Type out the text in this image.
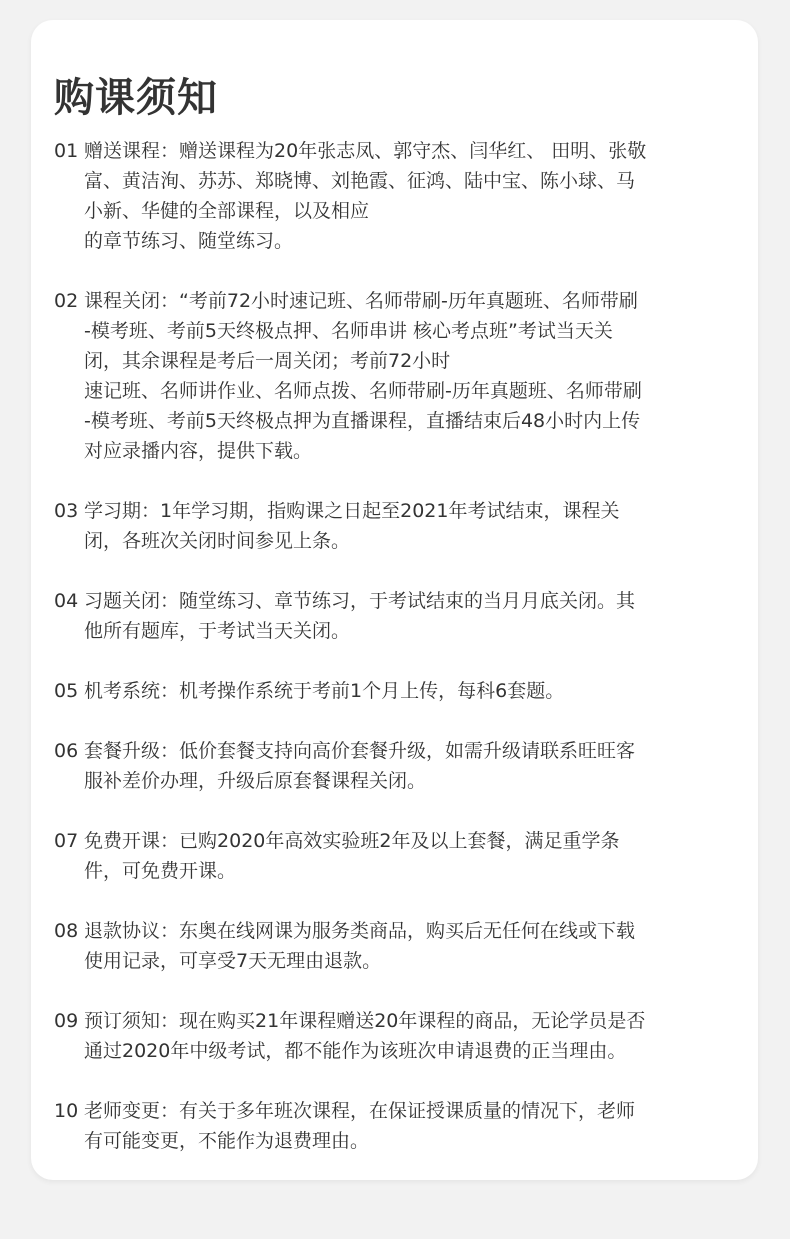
购课须知
01 赠送课程：赠送课程为20年张志凤、郭守杰、闫华红、 田明、张敬
富、黄洁洵、苏苏、郑晓博、刘艳霞、征鸿、陆中宝、陈小球、马
小新、华健的全部课程，以及相应
的章节练习、随堂练习。
02 课程关闭：“考前72小时速记班、名师带刷-历年真题班、名师带刷
-模考班、考前5天终极点押、名师串讲 核心考点班”考试当天关
闭，其余课程是考后一周关闭；考前72小时
速记班、名师讲作业、名师点拨、名师带刷-历年真题班、名师带刷
-模考班、考前5天终极点押为直播课程，直播结束后48小时内上传
对应录播内容，提供下载。
03 学习期：1年学习期，指购课之日起至2021年考试结束，课程关
闭，各班次关闭时间参见上条。
04 习题关闭：随堂练习、章节练习，于考试结束的当月月底关闭。其
他所有题库，于考试当天关闭。
05 机考系统：机考操作系统于考前1个月上传，每科6套题。
06 套餐升级：低价套餐支持向高价套餐升级，如需升级请联系旺旺客
服补差价办理，升级后原套餐课程关闭。
07 免费开课：已购2020年高效实验班2年及以上套餐，满足重学条
件，可免费开课。
08 退款协议：东奥在线网课为服务类商品，购买后无任何在线或下载
使用记录，可享受7天无理由退款。
09 预订须知：现在购买21年课程赠送20年课程的商品，无论学员是否
通过2020年中级考试，都不能作为该班次申请退费的正当理由。
10 老师变更：有关于多年班次课程，在保证授课质量的情况下，老师
有可能变更，不能作为退费理由。
